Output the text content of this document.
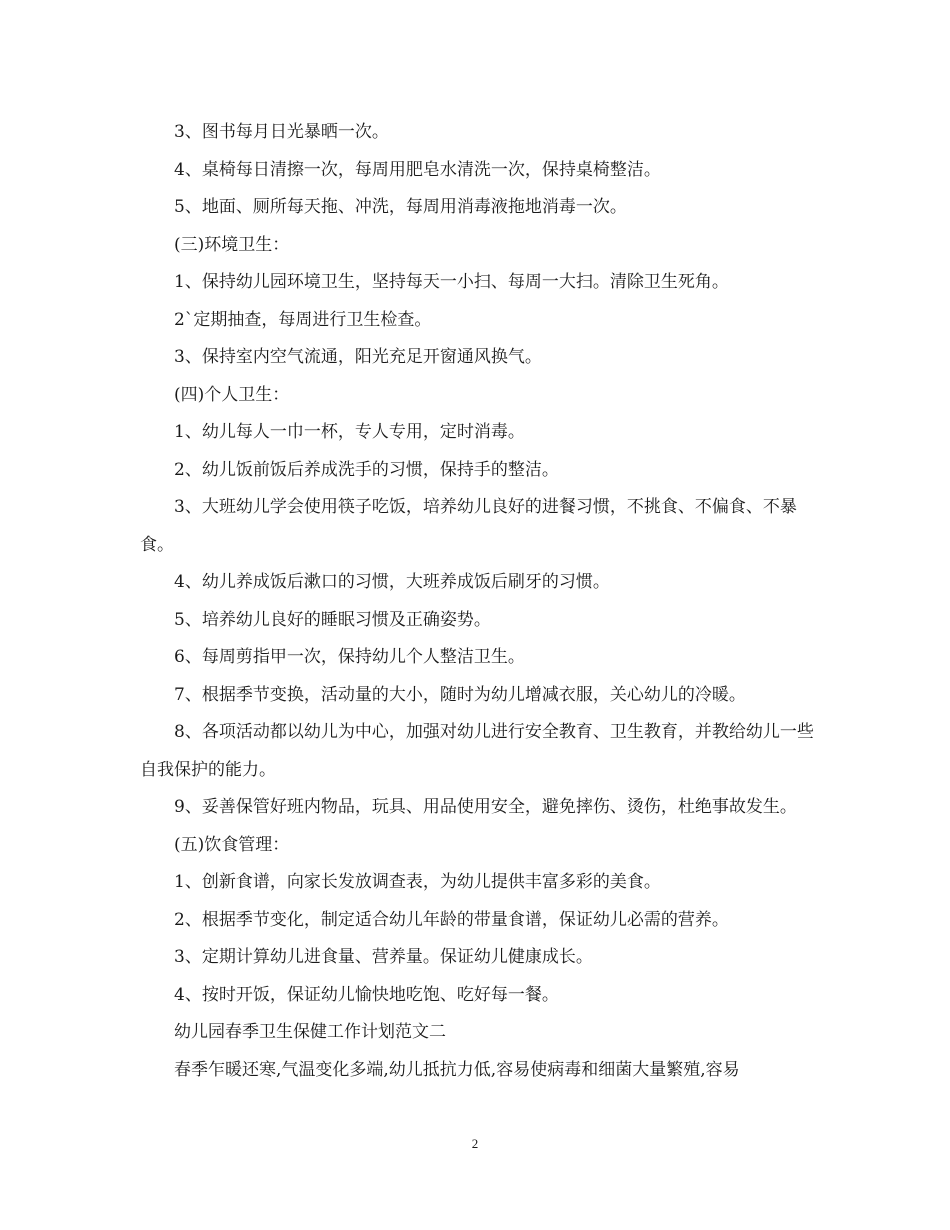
3、图书每月日光暴晒一次。

4、桌椅每日清擦一次，每周用肥皂水清洗一次，保持桌椅整洁。

5、地面、厕所每天拖、冲洗，每周用消毒液拖地消毒一次。

(三)环境卫生：

1、保持幼儿园环境卫生，坚持每天一小扫、每周一大扫。清除卫生死角。

2`定期抽查，每周进行卫生检查。

3、保持室内空气流通，阳光充足开窗通风换气。

(四)个人卫生：

1、幼儿每人一巾一杯，专人专用，定时消毒。

2、幼儿饭前饭后养成洗手的习惯，保持手的整洁。

3、大班幼儿学会使用筷子吃饭，培养幼儿良好的进餐习惯，不挑食、不偏食、不暴食。

4、幼儿养成饭后漱口的习惯，大班养成饭后刷牙的习惯。

5、培养幼儿良好的睡眠习惯及正确姿势。

6、每周剪指甲一次，保持幼儿个人整洁卫生。

7、根据季节变换，活动量的大小，随时为幼儿增减衣服，关心幼儿的冷暖。

8、各项活动都以幼儿为中心，加强对幼儿进行安全教育、卫生教育，并教给幼儿一些自我保护的能力。

9、妥善保管好班内物品，玩具、用品使用安全，避免摔伤、烫伤，杜绝事故发生。

(五)饮食管理：

1、创新食谱，向家长发放调查表，为幼儿提供丰富多彩的美食。

2、根据季节变化，制定适合幼儿年龄的带量食谱，保证幼儿必需的营养。

3、定期计算幼儿进食量、营养量。保证幼儿健康成长。

4、按时开饭，保证幼儿愉快地吃饱、吃好每一餐。

幼儿园春季卫生保健工作计划范文二

春季乍暖还寒,气温变化多端,幼儿抵抗力低,容易使病毒和细菌大量繁殖,容易

2
